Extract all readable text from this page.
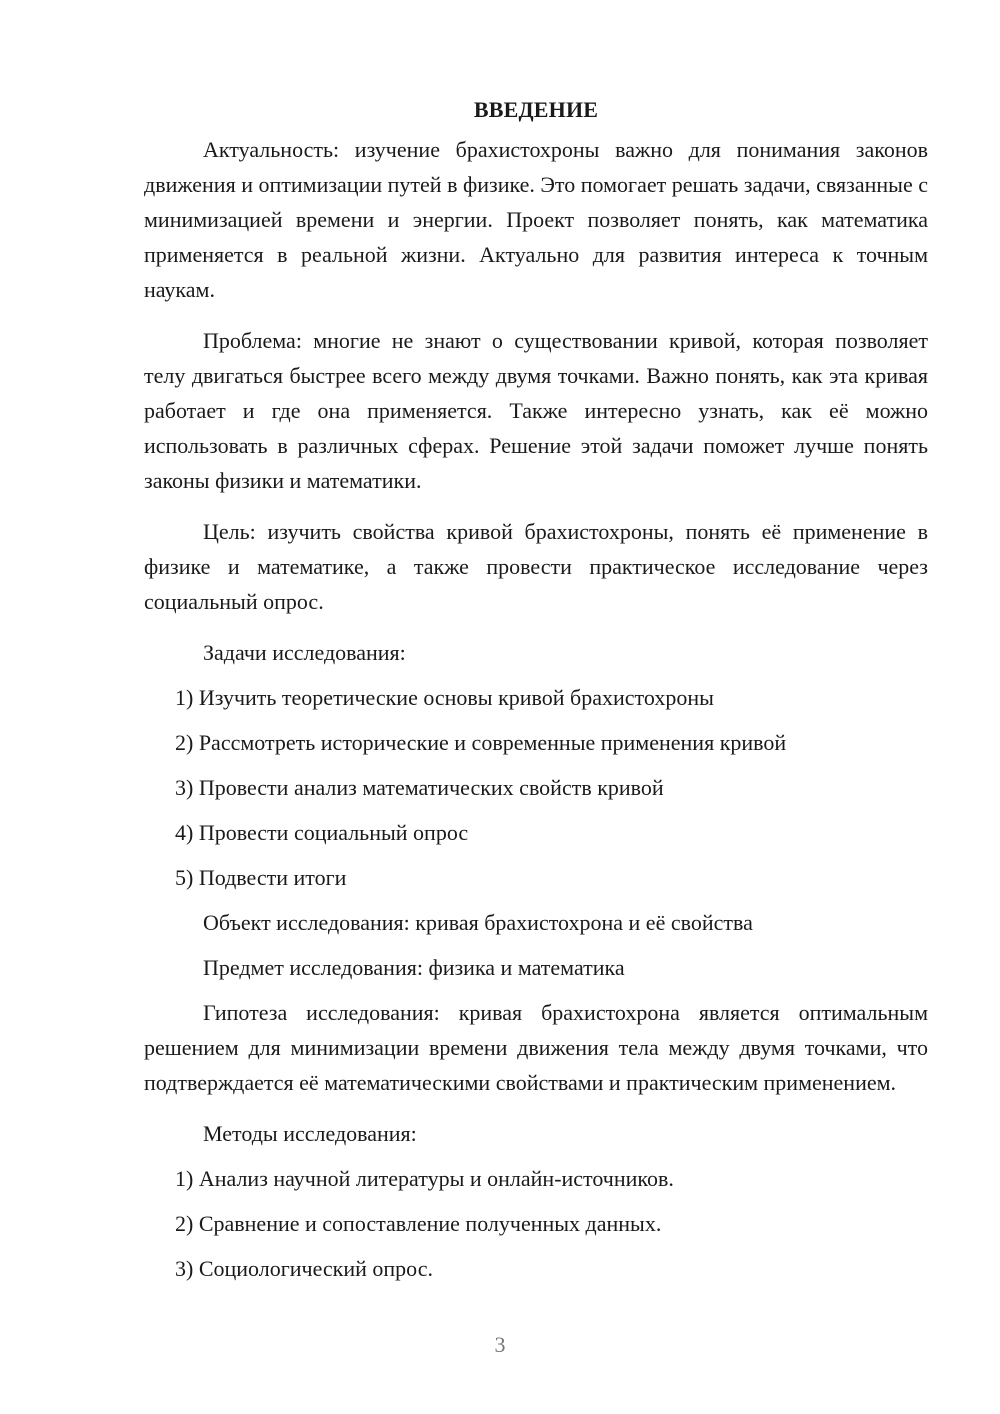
ВВЕДЕНИЕ

Актуальность: изучение брахистохроны важно для понимания законов движения и оптимизации путей в физике. Это помогает решать задачи, связанные с минимизацией времени и энергии. Проект позволяет понять, как математика применяется в реальной жизни. Актуально для развития интереса к точным наукам.

Проблема: многие не знают о существовании кривой, которая позволяет телу двигаться быстрее всего между двумя точками. Важно понять, как эта кривая работает и где она применяется. Также интересно узнать, как её можно использовать в различных сферах. Решение этой задачи поможет лучше понять законы физики и математики.

Цель: изучить свойства кривой брахистохроны, понять её применение в физике и математике, а также провести практическое исследование через социальный опрос.

Задачи исследования:
1) Изучить теоретические основы кривой брахистохроны
2) Рассмотреть исторические и современные применения кривой
3) Провести анализ математических свойств кривой
4) Провести социальный опрос
5) Подвести итоги
Объект исследования: кривая брахистохрона и её свойства
Предмет исследования: физика и математика

Гипотеза исследования: кривая брахистохрона является оптимальным решением для минимизации времени движения тела между двумя точками, что подтверждается её математическими свойствами и практическим применением.

Методы исследования:
1) Анализ научной литературы и онлайн-источников.
2) Сравнение и сопоставление полученных данных.
3) Социологический опрос.
3
